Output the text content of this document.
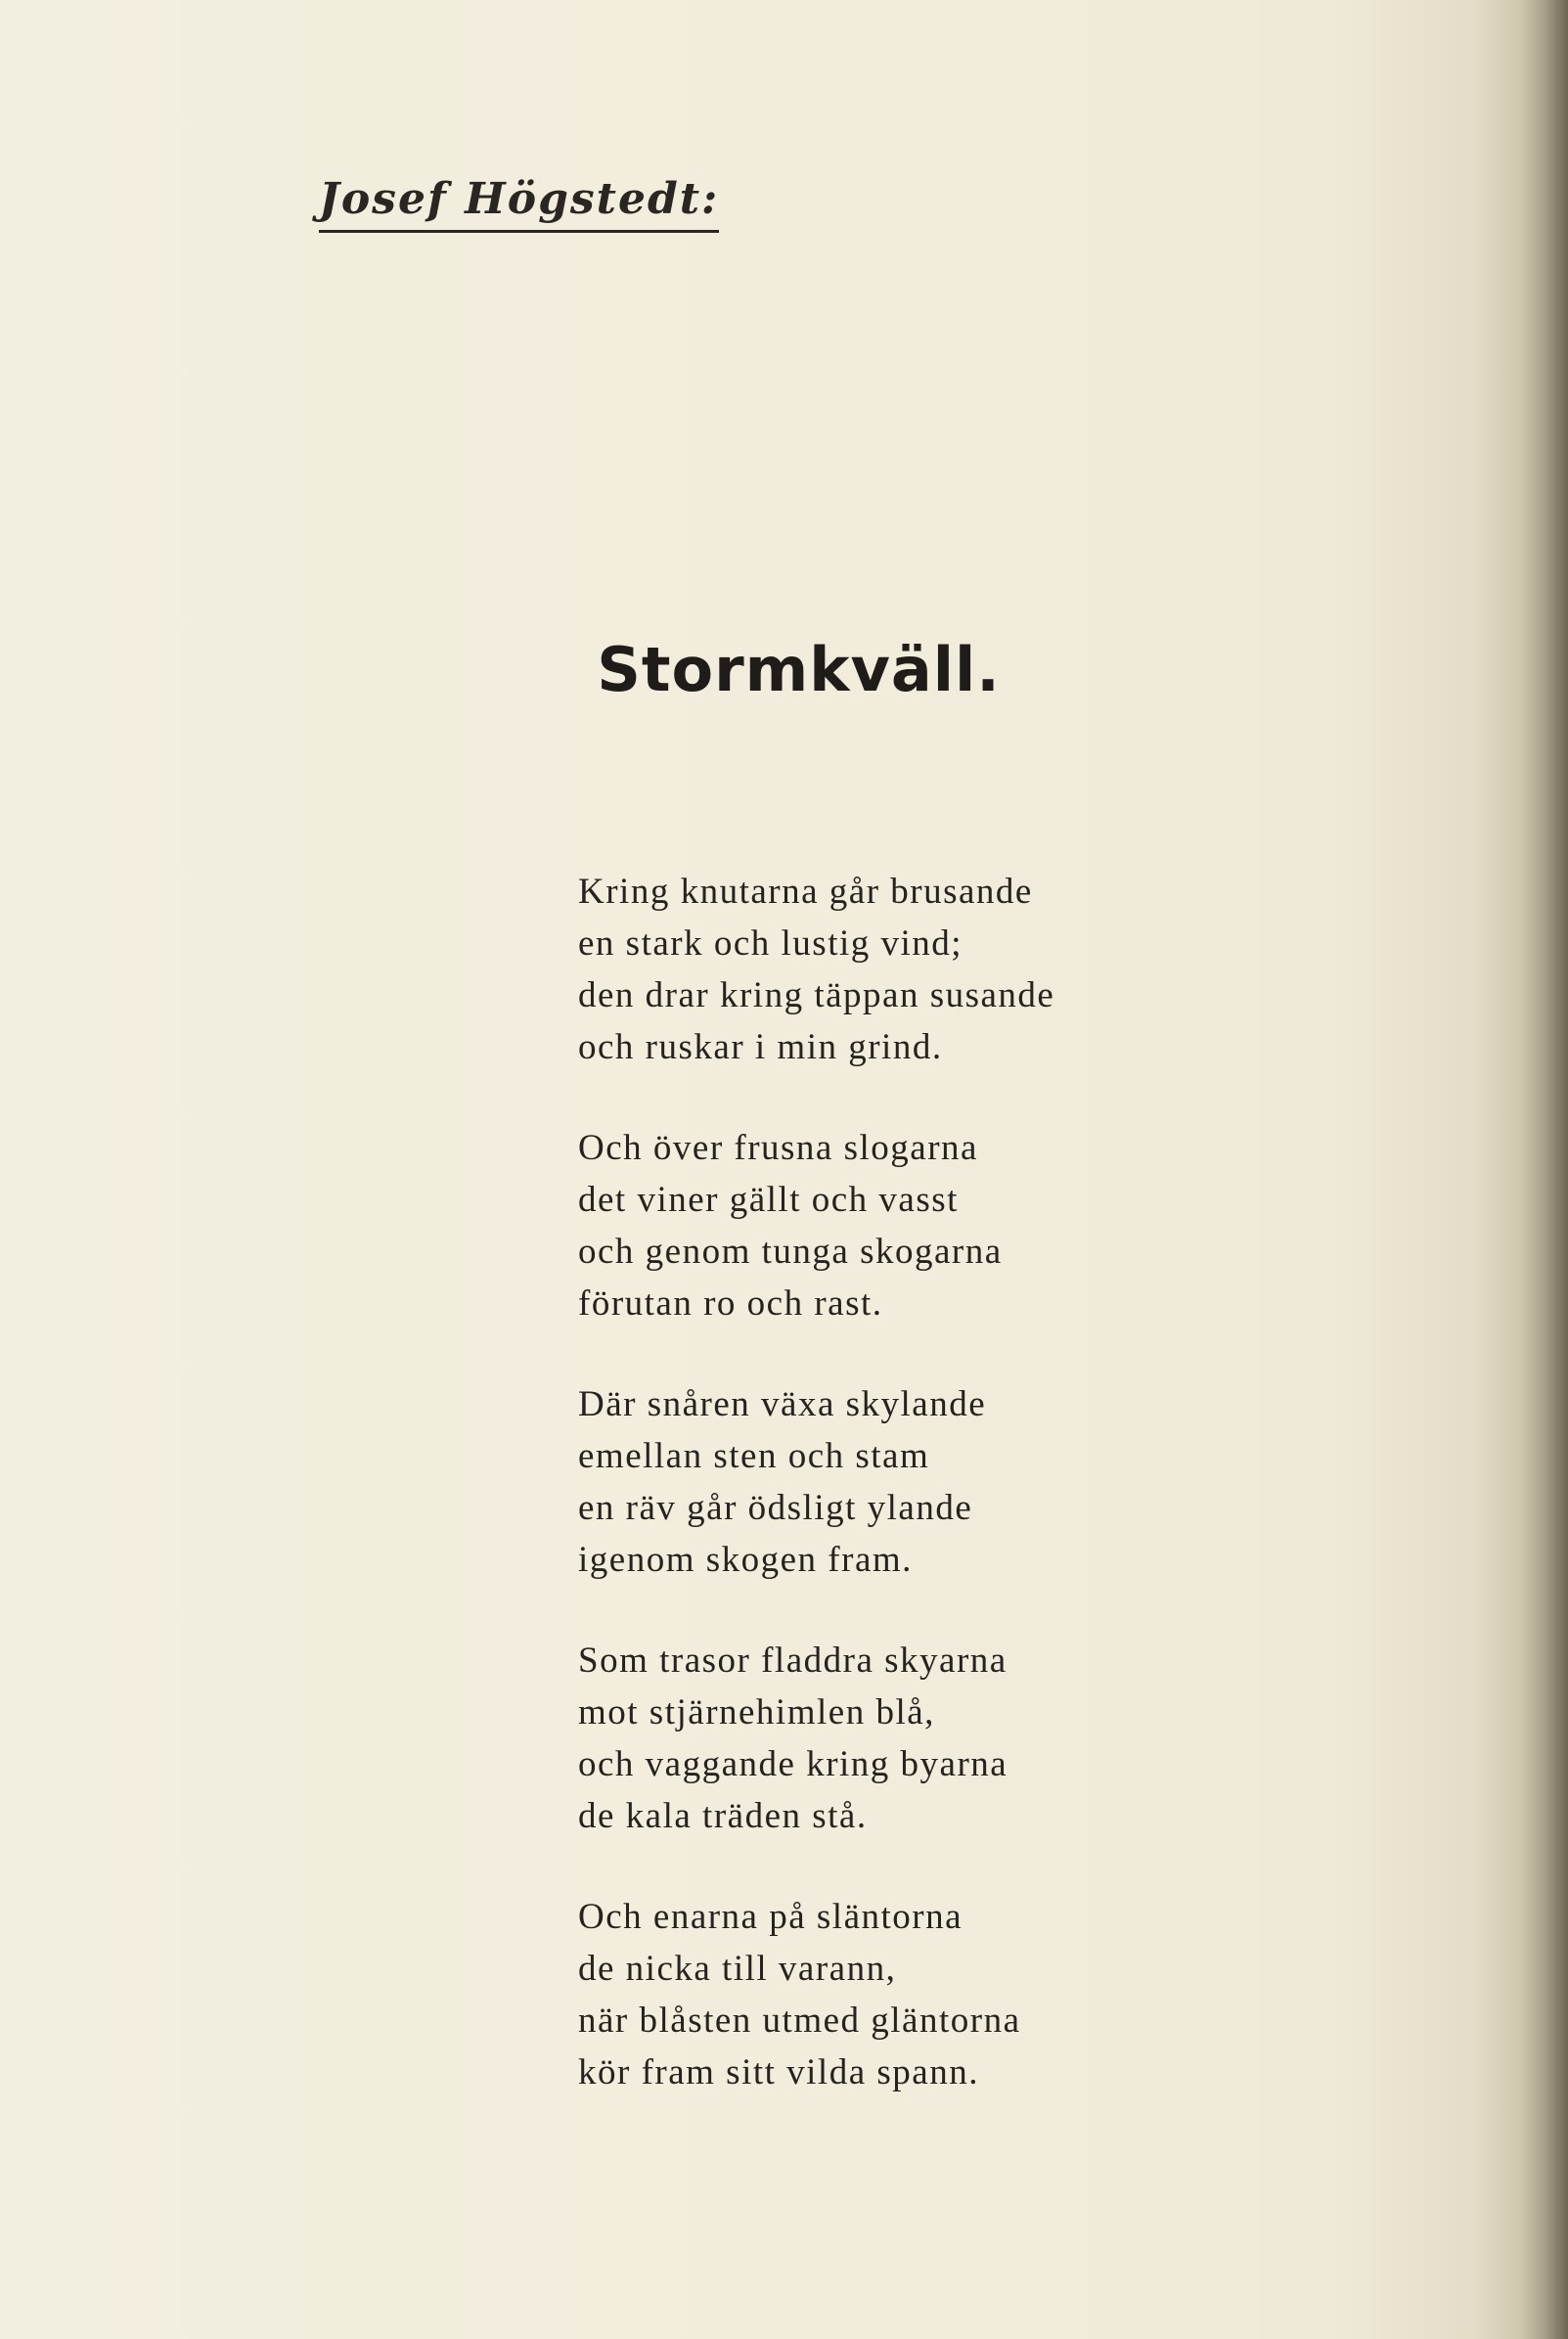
Josef Högstedt:
Stormkväll.
Kring knutarna går brusande
en stark och lustig vind;
den drar kring täppan susande
och ruskar i min grind.
Och över frusna slogarna
det viner gällt och vasst
och genom tunga skogarna
förutan ro och rast.
Där snåren växa skylande
emellan sten och stam
en räv går ödsligt ylande
igenom skogen fram.
Som trasor fladdra skyarna
mot stjärnehimlen blå,
och vaggande kring byarna
de kala träden stå.
Och enarna på släntorna
de nicka till varann,
när blåsten utmed gläntorna
kör fram sitt vilda spann.
